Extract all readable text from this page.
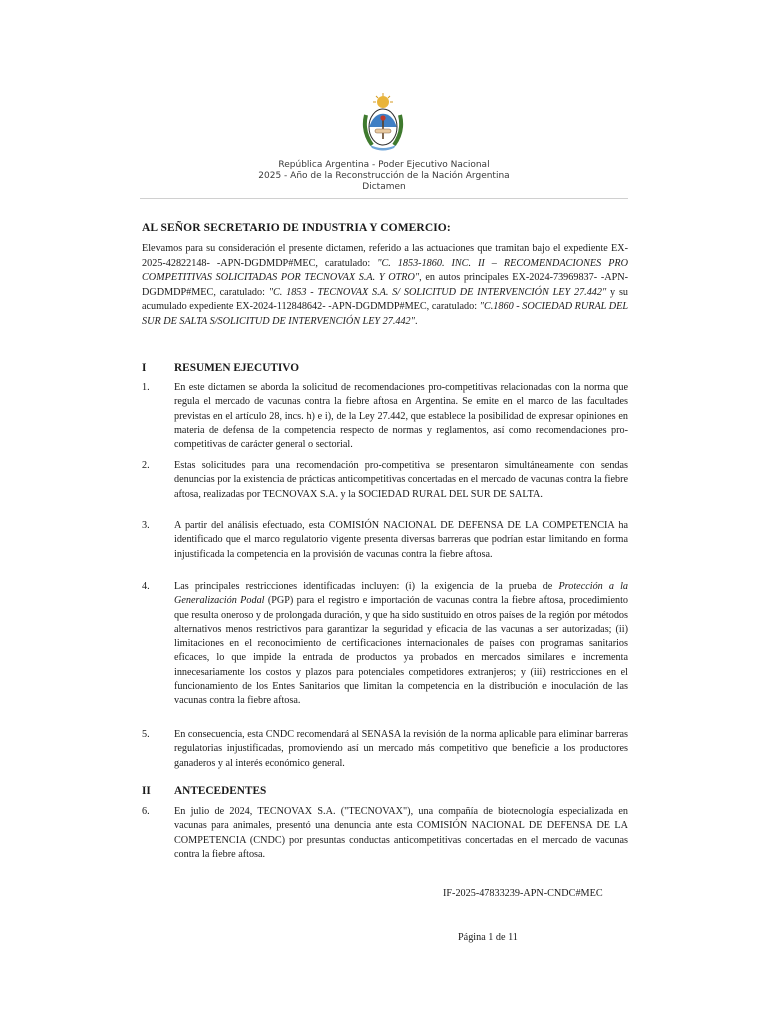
República Argentina - Poder Ejecutivo Nacional
2025 - Año de la Reconstrucción de la Nación Argentina
Dictamen
AL SEÑOR SECRETARIO DE INDUSTRIA Y COMERCIO:
Elevamos para su consideración el presente dictamen, referido a las actuaciones que tramitan bajo el expediente EX-2025-42822148- -APN-DGDMDP#MEC, caratulado: "C. 1853-1860. INC. II – RECOMENDACIONES PRO COMPETITIVAS SOLICITADAS POR TECNOVAX S.A. Y OTRO", en autos principales EX-2024-73969837- -APN-DGDMDP#MEC, caratulado: "C. 1853 - TECNOVAX S.A. S/ SOLICITUD DE INTERVENCIÓN LEY 27.442" y su acumulado expediente EX-2024-112848642- -APN-DGDMDP#MEC, caratulado: "C.1860 - SOCIEDAD RURAL DEL SUR DE SALTA S/SOLICITUD DE INTERVENCIÓN LEY 27.442".
I RESUMEN EJECUTIVO
1. En este dictamen se aborda la solicitud de recomendaciones pro-competitivas relacionadas con la norma que regula el mercado de vacunas contra la fiebre aftosa en Argentina. Se emite en el marco de las facultades previstas en el artículo 28, incs. h) e i), de la Ley 27.442, que establece la posibilidad de expresar opiniones en materia de defensa de la competencia respecto de normas y reglamentos, así como recomendaciones pro-competitivas de carácter general o sectorial.
2. Estas solicitudes para una recomendación pro-competitiva se presentaron simultáneamente con sendas denuncias por la existencia de prácticas anticompetitivas concertadas en el mercado de vacunas contra la fiebre aftosa, realizadas por TECNOVAX S.A. y la SOCIEDAD RURAL DEL SUR DE SALTA.
3. A partir del análisis efectuado, esta COMISIÓN NACIONAL DE DEFENSA DE LA COMPETENCIA ha identificado que el marco regulatorio vigente presenta diversas barreras que podrían estar limitando en forma injustificada la competencia en la provisión de vacunas contra la fiebre aftosa.
4. Las principales restricciones identificadas incluyen: (i) la exigencia de la prueba de Protección a la Generalización Podal (PGP) para el registro e importación de vacunas contra la fiebre aftosa, procedimiento que resulta oneroso y de prolongada duración, y que ha sido sustituido en otros países de la región por métodos alternativos menos restrictivos para garantizar la seguridad y eficacia de las vacunas a ser autorizadas; (ii) limitaciones en el reconocimiento de certificaciones internacionales de países con programas sanitarios eficaces, lo que impide la entrada de productos ya probados en mercados similares e incrementa innecesariamente los costos y plazos para potenciales competidores extranjeros; y (iii) restricciones en el funcionamiento de los Entes Sanitarios que limitan la competencia en la distribución e inoculación de las vacunas contra la fiebre aftosa.
5. En consecuencia, esta CNDC recomendará al SENASA la revisión de la norma aplicable para eliminar barreras regulatorias injustificadas, promoviendo así un mercado más competitivo que beneficie a los productores ganaderos y al interés económico general.
II ANTECEDENTES
6. En julio de 2024, TECNOVAX S.A. ("TECNOVAX"), una compañía de biotecnología especializada en vacunas para animales, presentó una denuncia ante esta COMISIÓN NACIONAL DE DEFENSA DE LA COMPETENCIA (CNDC) por presuntas conductas anticompetitivas concertadas en el mercado de vacunas contra la fiebre aftosa.
IF-2025-47833239-APN-CNDC#MEC
Página 1 de 11
